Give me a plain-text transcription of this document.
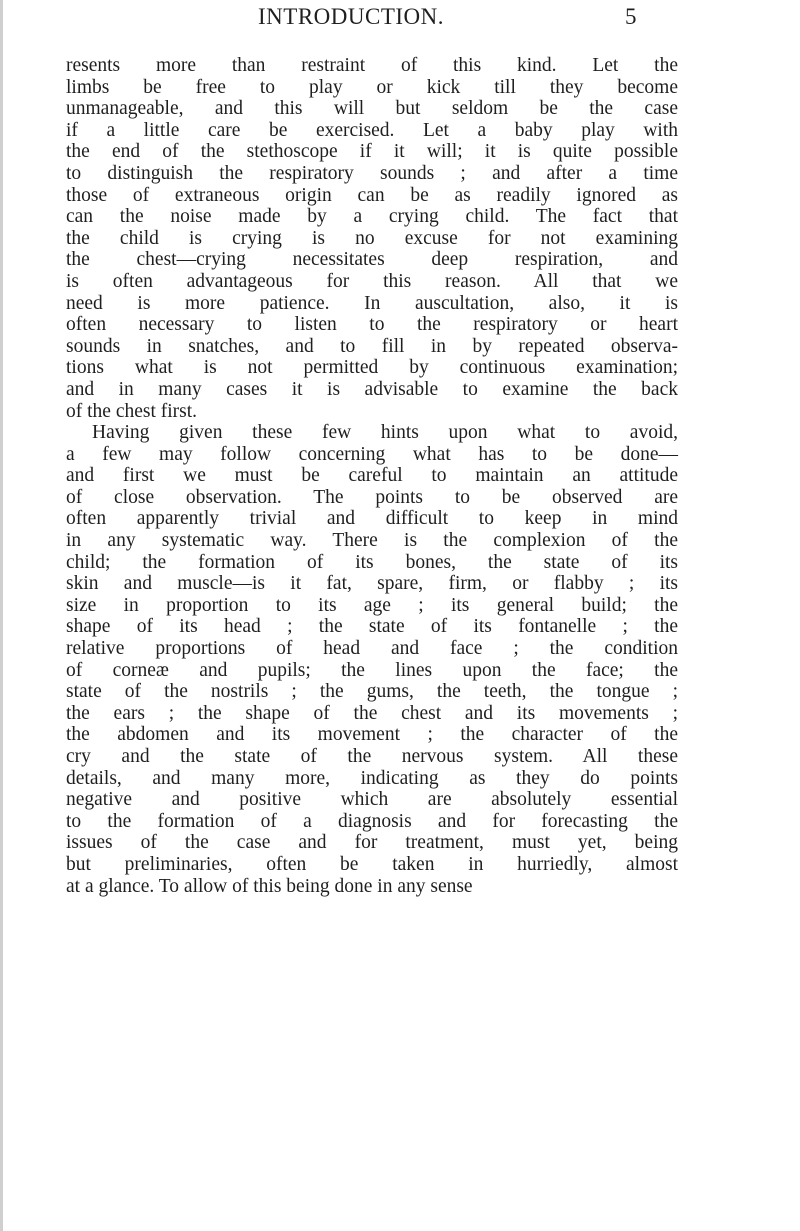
INTRODUCTION.	5
resents more than restraint of this kind. Let the
limbs be free to play or kick till they become
unmanageable, and this will but seldom be the case
if a little care be exercised. Let a baby play with
the end of the stethoscope if it will; it is quite possible
to distinguish the respiratory sounds ; and after a time
those of extraneous origin can be as readily ignored as
can the noise made by a crying child. The fact that
the child is crying is no excuse for not examining
the chest—crying necessitates deep respiration, and
is often advantageous for this reason. All that we
need is more patience. In auscultation, also, it is
often necessary to listen to the respiratory or heart
sounds in snatches, and to fill in by repeated observa-
tions what is not permitted by continuous examination;
and in many cases it is advisable to examine the back
of the chest first.
Having given these few hints upon what to avoid,
a few may follow concerning what has to be done—
and first we must be careful to maintain an attitude
of close observation. The points to be observed are
often apparently trivial and difficult to keep in mind
in any systematic way. There is the complexion of the
child; the formation of its bones, the state of its
skin and muscle—is it fat, spare, firm, or flabby ; its
size in proportion to its age ; its general build; the
shape of its head ; the state of its fontanelle ; the
relative proportions of head and face ; the condition
of corneæ and pupils; the lines upon the face; the
state of the nostrils ; the gums, the teeth, the tongue ;
the ears ; the shape of the chest and its movements ;
the abdomen and its movement ; the character of the
cry and the state of the nervous system. All these
details, and many more, indicating as they do points
negative and positive which are absolutely essential
to the formation of a diagnosis and for forecasting the
issues of the case and for treatment, must yet, being
but preliminaries, often be taken in hurriedly, almost
at a glance. To allow of this being done in any sense
